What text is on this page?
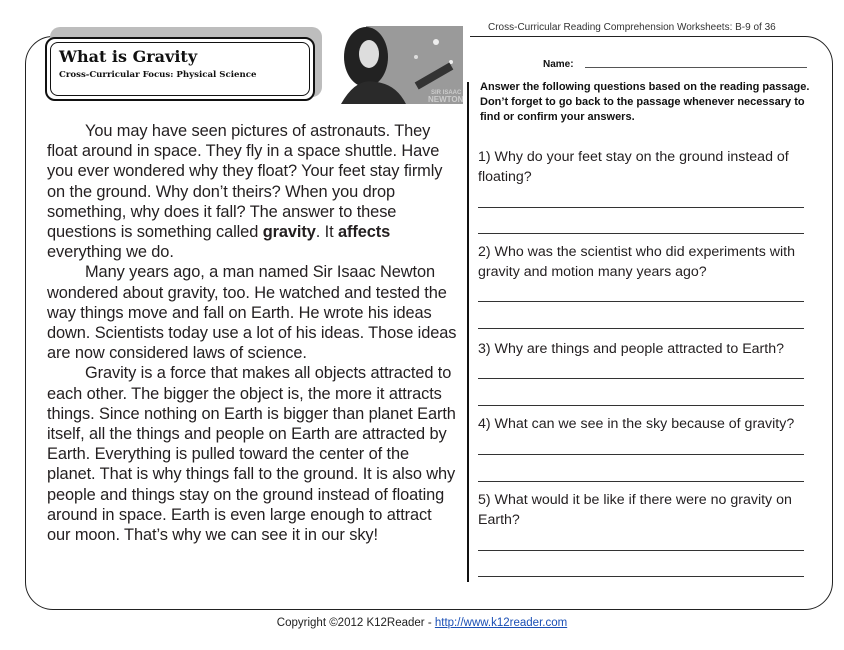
Cross-Curricular Reading Comprehension Worksheets: B-9 of 36
What is Gravity
Cross-Curricular Focus: Physical Science
SIR ISAAC
NEWTON

You may have seen pictures of astronauts. They float around in space. They fly in a space shuttle. Have you ever wondered why they float? Your feet stay firmly on the ground. Why don’t theirs? When you drop something, why does it fall? The answer to these questions is something called gravity. It affects everything we do.

Many years ago, a man named Sir Isaac Newton wondered about gravity, too. He watched and tested the way things move and fall on Earth. He wrote his ideas down. Scientists today use a lot of his ideas. Those ideas are now considered laws of science.

Gravity is a force that makes all objects attracted to each other. The bigger the object is, the more it attracts things. Since nothing on Earth is bigger than planet Earth itself, all the things and people on Earth are attracted by Earth. Everything is pulled toward the center of the planet. That is why things fall to the ground. It is also why people and things stay on the ground instead of floating around in space. Earth is even large enough to attract our moon. That’s why we can see it in our sky!

Name:
Answer the following questions based on the reading passage. Don’t forget to go back to the passage whenever necessary to find or confirm your answers.
1) Why do your feet stay on the ground instead of floating?
2) Who was the scientist who did experiments with gravity and motion many years ago?
3) Why are things and people attracted to Earth?
4) What can we see in the sky because of gravity?
5) What would it be like if there were no gravity on Earth?
Copyright ©2012 K12Reader - http://www.k12reader.com
